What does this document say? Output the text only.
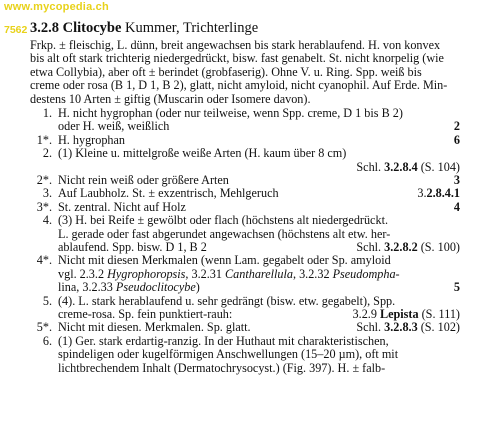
www.mycopedia.ch
7562 3.2.8 Clitocybe Kummer, Trichterlinge
Frkp. ± fleischig, L. dünn, breit angewachsen bis stark herablaufend. H. von konvex
bis alt oft stark trichterig niedergedrückt, bisw. fast genabelt. St. nicht knorpelig (wie
etwa Collybia), aber oft ± berindet (grobfaserig). Ohne V. u. Ring. Spp. weiß bis
creme oder rosa (B 1, D 1, B 2), glatt, nicht amyloid, nicht cyanophil. Auf Erde. Min-
destens 10 Arten ± giftig (Muscarin oder Isomere davon).
1. H. nicht hygrophan (oder nur teilweise, wenn Spp. creme, D 1 bis B 2)
oder H. weiß, weißlich	2
1*. H. hygrophan	6
2. (1) Kleine u. mittelgroße weiße Arten (H. kaum über 8 cm)
Schl. 3.2.8.4 (S. 104)
2*. Nicht rein weiß oder größere Arten	3
3. Auf Laubholz. St. ± exzentrisch, Mehlgeruch	3.2.8.4.1
3*. St. zentral. Nicht auf Holz	4
4. (3) H. bei Reife ± gewölbt oder flach (höchstens alt niedergedrückt.
L. gerade oder fast abgerundet angewachsen (höchstens alt etw. her-
ablaufend. Spp. bisw. D 1, B 2	Schl. 3.2.8.2 (S. 100)
4*. Nicht mit diesen Merkmalen (wenn Lam. gegabelt oder Sp. amyloid
vgl. 2.3.2 Hygrophoropsis, 3.2.31 Cantharellula, 3.2.32 Pseudompha-
lina, 3.2.33 Pseudoclitocybe)	5
5. (4). L. stark herablaufend u. sehr gedrängt (bisw. etw. gegabelt), Spp.
creme-rosa. Sp. fein punktiert-rauh:	3.2.9 Lepista (S. 111)
5*. Nicht mit diesen. Merkmalen. Sp. glatt.	Schl. 3.2.8.3 (S. 102)
6. (1) Ger. stark erdartig-ranzig. In der Huthaut mit charakteristischen,
spindeligen oder kugelförmigen Anschwellungen (15–20 µm), oft mit
lichtbrechendem Inhalt (Dermatochrysocyst.) (Fig. 397). H. ± falb-
